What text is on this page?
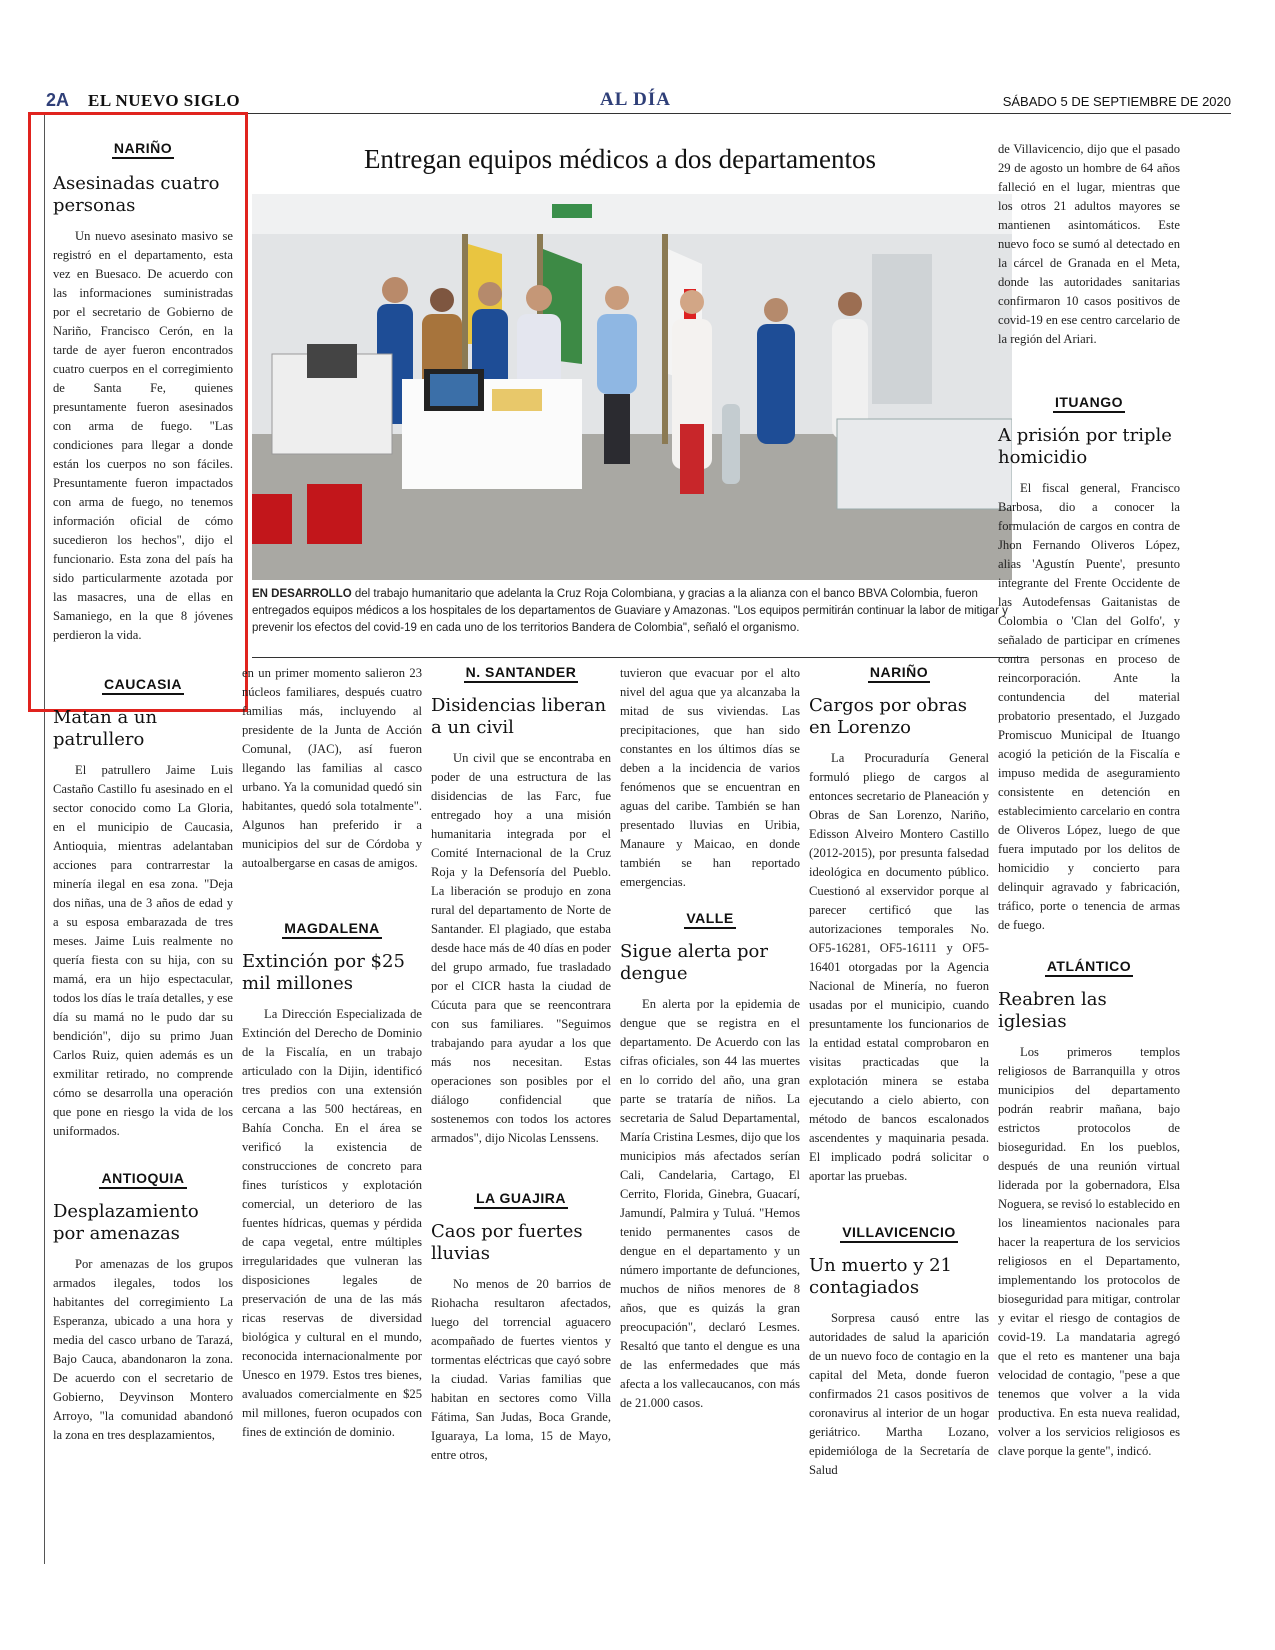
2A EL NUEVO SIGLO	AL DÍA	SÁBADO 5 DE SEPTIEMBRE DE 2020
NARIÑO
Asesinadas cuatro personas
Un nuevo asesinato masivo se registró en el departamento, esta vez en Buesaco. De acuerdo con las informaciones suministradas por el secretario de Gobierno de Nariño, Francisco Cerón, en la tarde de ayer fueron encontrados cuatro cuerpos en el corregimiento de Santa Fe, quienes presuntamente fueron asesinados con arma de fuego. "Las condiciones para llegar a donde están los cuerpos no son fáciles. Presuntamente fueron impactados con arma de fuego, no tenemos información oficial de cómo sucedieron los hechos", dijo el funcionario. Esta zona del país ha sido particularmente azotada por las masacres, una de ellas en Samaniego, en la que 8 jóvenes perdieron la vida.
CAUCASIA
Matan a un patrullero
El patrullero Jaime Luis Castaño Castillo fu asesinado en el sector conocido como La Gloria, en el municipio de Caucasia, Antioquia, mientras adelantaban acciones para contrarrestar la minería ilegal en esa zona. "Deja dos niñas, una de 3 años de edad y a su esposa embarazada de tres meses. Jaime Luis realmente no quería fiesta con su hija, con su mamá, era un hijo espectacular, todos los días le traía detalles, y ese día su mamá no le pudo dar su bendición", dijo su primo Juan Carlos Ruiz, quien además es un exmilitar retirado, no comprende cómo se desarrolla una operación que pone en riesgo la vida de los uniformados.
ANTIOQUIA
Desplazamiento por amenazas
Por amenazas de los grupos armados ilegales, todos los habitantes del corregimiento La Esperanza, ubicado a una hora y media del casco urbano de Tarazá, Bajo Cauca, abandonaron la zona. De acuerdo con el secretario de Gobierno, Deyvinson Montero Arroyo, "la comunidad abandonó la zona en tres desplazamientos,
Entregan equipos médicos a dos departamentos
EN DESARROLLO del trabajo humanitario que adelanta la Cruz Roja Colombiana, y gracias a la alianza con el banco BBVA Colombia, fueron entregados equipos médicos a los hospitales de los departamentos de Guaviare y Amazonas. "Los equipos permitirán continuar la labor de mitigar y prevenir los efectos del covid-19 en cada uno de los territorios Bandera de Colombia", señaló el organismo.
en un primer momento salieron 23 núcleos familiares, después cuatro familias más, incluyendo al presidente de la Junta de Acción Comunal, (JAC), así fueron llegando las familias al casco urbano. Ya la comunidad quedó sin habitantes, quedó sola totalmente". Algunos han preferido ir a municipios del sur de Córdoba y autoalbergarse en casas de amigos.
MAGDALENA
Extinción por $25 mil millones
La Dirección Especializada de Extinción del Derecho de Dominio de la Fiscalía, en un trabajo articulado con la Dijin, identificó tres predios con una extensión cercana a las 500 hectáreas, en Bahía Concha. En el área se verificó la existencia de construcciones de concreto para fines turísticos y explotación comercial, un deterioro de las fuentes hídricas, quemas y pérdida de capa vegetal, entre múltiples irregularidades que vulneran las disposiciones legales de preservación de una de las más ricas reservas de diversidad biológica y cultural en el mundo, reconocida internacionalmente por Unesco en 1979. Estos tres bienes, avaluados comercialmente en $25 mil millones, fueron ocupados con fines de extinción de dominio.
N. SANTANDER
Disidencias liberan a un civil
Un civil que se encontraba en poder de una estructura de las disidencias de las Farc, fue entregado hoy a una misión humanitaria integrada por el Comité Internacional de la Cruz Roja y la Defensoría del Pueblo. La liberación se produjo en zona rural del departamento de Norte de Santander. El plagiado, que estaba desde hace más de 40 días en poder del grupo armado, fue trasladado por el CICR hasta la ciudad de Cúcuta para que se reencontrara con sus familiares. "Seguimos trabajando para ayudar a los que más nos necesitan. Estas operaciones son posibles por el diálogo confidencial que sostenemos con todos los actores armados", dijo Nicolas Lenssens.
LA GUAJIRA
Caos por fuertes lluvias
No menos de 20 barrios de Riohacha resultaron afectados, luego del torrencial aguacero acompañado de fuertes vientos y tormentas eléctricas que cayó sobre la ciudad. Varias familias que habitan en sectores como Villa Fátima, San Judas, Boca Grande, Iguaraya, La loma, 15 de Mayo, entre otros,
tuvieron que evacuar por el alto nivel del agua que ya alcanzaba la mitad de sus viviendas. Las precipitaciones, que han sido constantes en los últimos días se deben a la incidencia de varios fenómenos que se encuentran en aguas del caribe. También se han presentado lluvias en Uribia, Manaure y Maicao, en donde también se han reportado emergencias.
VALLE
Sigue alerta por dengue
En alerta por la epidemia de dengue que se registra en el departamento. De Acuerdo con las cifras oficiales, son 44 las muertes en lo corrido del año, una gran parte se trataría de niños. La secretaria de Salud Departamental, María Cristina Lesmes, dijo que los municipios más afectados serían Cali, Candelaria, Cartago, El Cerrito, Florida, Ginebra, Guacarí, Jamundí, Palmira y Tuluá. "Hemos tenido permanentes casos de dengue en el departamento y un número importante de defunciones, muchos de niños menores de 8 años, que es quizás la gran preocupación", declaró Lesmes. Resaltó que tanto el dengue es una de las enfermedades que más afecta a los vallecaucanos, con más de 21.000 casos.
NARIÑO
Cargos por obras en Lorenzo
La Procuraduría General formuló pliego de cargos al entonces secretario de Planeación y Obras de San Lorenzo, Nariño, Edisson Alveiro Montero Castillo (2012-2015), por presunta falsedad ideológica en documento público. Cuestionó al exservidor porque al parecer certificó que las autorizaciones temporales No. OF5-16281, OF5-16111 y OF5-16401 otorgadas por la Agencia Nacional de Minería, no fueron usadas por el municipio, cuando presuntamente los funcionarios de la entidad estatal comprobaron en visitas practicadas que la explotación minera se estaba ejecutando a cielo abierto, con método de bancos escalonados ascendentes y maquinaria pesada. El implicado podrá solicitar o aportar las pruebas.
VILLAVICENCIO
Un muerto y 21 contagiados
Sorpresa causó entre las autoridades de salud la aparición de un nuevo foco de contagio en la capital del Meta, donde fueron confirmados 21 casos positivos de coronavirus al interior de un hogar geriátrico. Martha Lozano, epidemióloga de la Secretaría de Salud
de Villavicencio, dijo que el pasado 29 de agosto un hombre de 64 años falleció en el lugar, mientras que los otros 21 adultos mayores se mantienen asintomáticos. Este nuevo foco se sumó al detectado en la cárcel de Granada en el Meta, donde las autoridades sanitarias confirmaron 10 casos positivos de covid-19 en ese centro carcelario de la región del Ariari.
ITUANGO
A prisión por triple homicidio
El fiscal general, Francisco Barbosa, dio a conocer la formulación de cargos en contra de Jhon Fernando Oliveros López, alias 'Agustín Puente', presunto integrante del Frente Occidente de las Autodefensas Gaitanistas de Colombia o 'Clan del Golfo', y señalado de participar en crímenes contra personas en proceso de reincorporación. Ante la contundencia del material probatorio presentado, el Juzgado Promiscuo Municipal de Ituango acogió la petición de la Fiscalía e impuso medida de aseguramiento consistente en detención en establecimiento carcelario en contra de Oliveros López, luego de que fuera imputado por los delitos de homicidio y concierto para delinquir agravado y fabricación, tráfico, porte o tenencia de armas de fuego.
ATLÁNTICO
Reabren las iglesias
Los primeros templos religiosos de Barranquilla y otros municipios del departamento podrán reabrir mañana, bajo estrictos protocolos de bioseguridad. En los pueblos, después de una reunión virtual liderada por la gobernadora, Elsa Noguera, se revisó lo establecido en los lineamientos nacionales para hacer la reapertura de los servicios religiosos en el Departamento, implementando los protocolos de bioseguridad para mitigar, controlar y evitar el riesgo de contagios de covid-19. La mandataria agregó que el reto es mantener una baja velocidad de contagio, "pese a que tenemos que volver a la vida productiva. En esta nueva realidad, volver a los servicios religiosos es clave porque la gente", indicó.
